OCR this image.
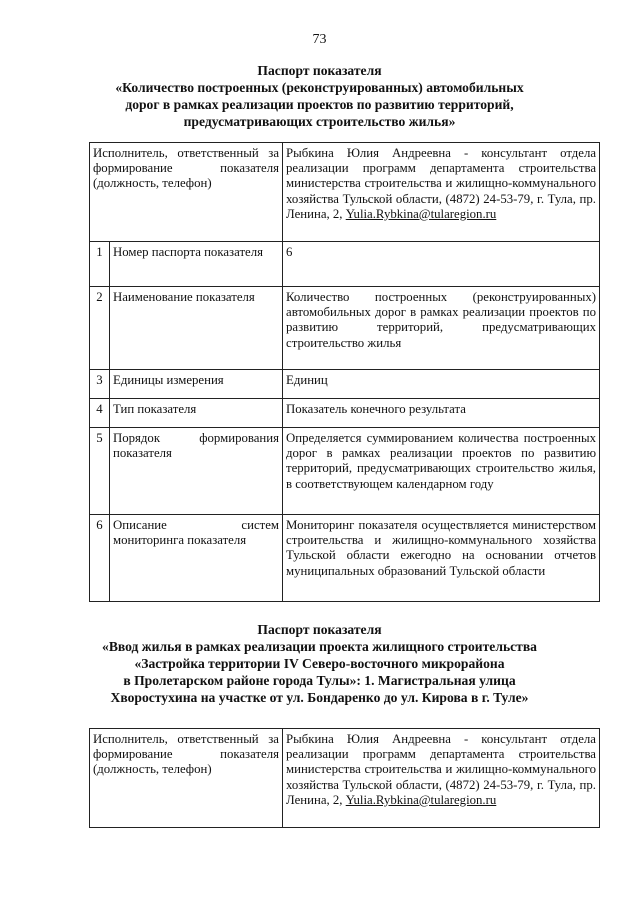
73
Паспорт показателя
«Количество построенных (реконструированных) автомобильных
дорог в рамках реализации проектов по развитию территорий,
предусматривающих строительство жилья»
Исполнитель, ответственный за формирование показателя (должность, телефон)		Рыбкина Юлия Андреевна - консультант отдела реализации программ департамента строительства министерства строительства и жилищно-коммунального хозяйства Тульской области, (4872) 24-53-79, г. Тула, пр. Ленина, 2, Yulia.Rybkina@tularegion.ru
1	Номер паспорта показателя	6
2	Наименование показателя	Количество построенных (реконструированных) автомобильных дорог в рамках реализации проектов по развитию территорий, предусматривающих строительство жилья
3	Единицы измерения	Единиц
4	Тип показателя	Показатель конечного результата
5	Порядок формирования показателя	Определяется суммированием количества построенных дорог в рамках реализации проектов по развитию территорий, предусматривающих строительство жилья, в соответствующем календарном году
6	Описание систем мониторинга показателя	Мониторинг показателя осуществляется министерством строительства и жилищно-коммунального хозяйства Тульской области ежегодно на основании отчетов муниципальных образований Тульской области
Паспорт показателя
«Ввод жилья в рамках реализации проекта жилищного строительства
«Застройка территории IV Северо-восточного микрорайона
в Пролетарском районе города Тулы»: 1. Магистральная улица
Хворостухина на участке от ул. Бондаренко до ул. Кирова в г. Туле»
Исполнитель, ответственный за формирование показателя (должность, телефон)	Рыбкина Юлия Андреевна - консультант отдела реализации программ департамента строительства министерства строительства и жилищно-коммунального хозяйства Тульской области, (4872) 24-53-79, г. Тула, пр. Ленина, 2, Yulia.Rybkina@tularegion.ru
